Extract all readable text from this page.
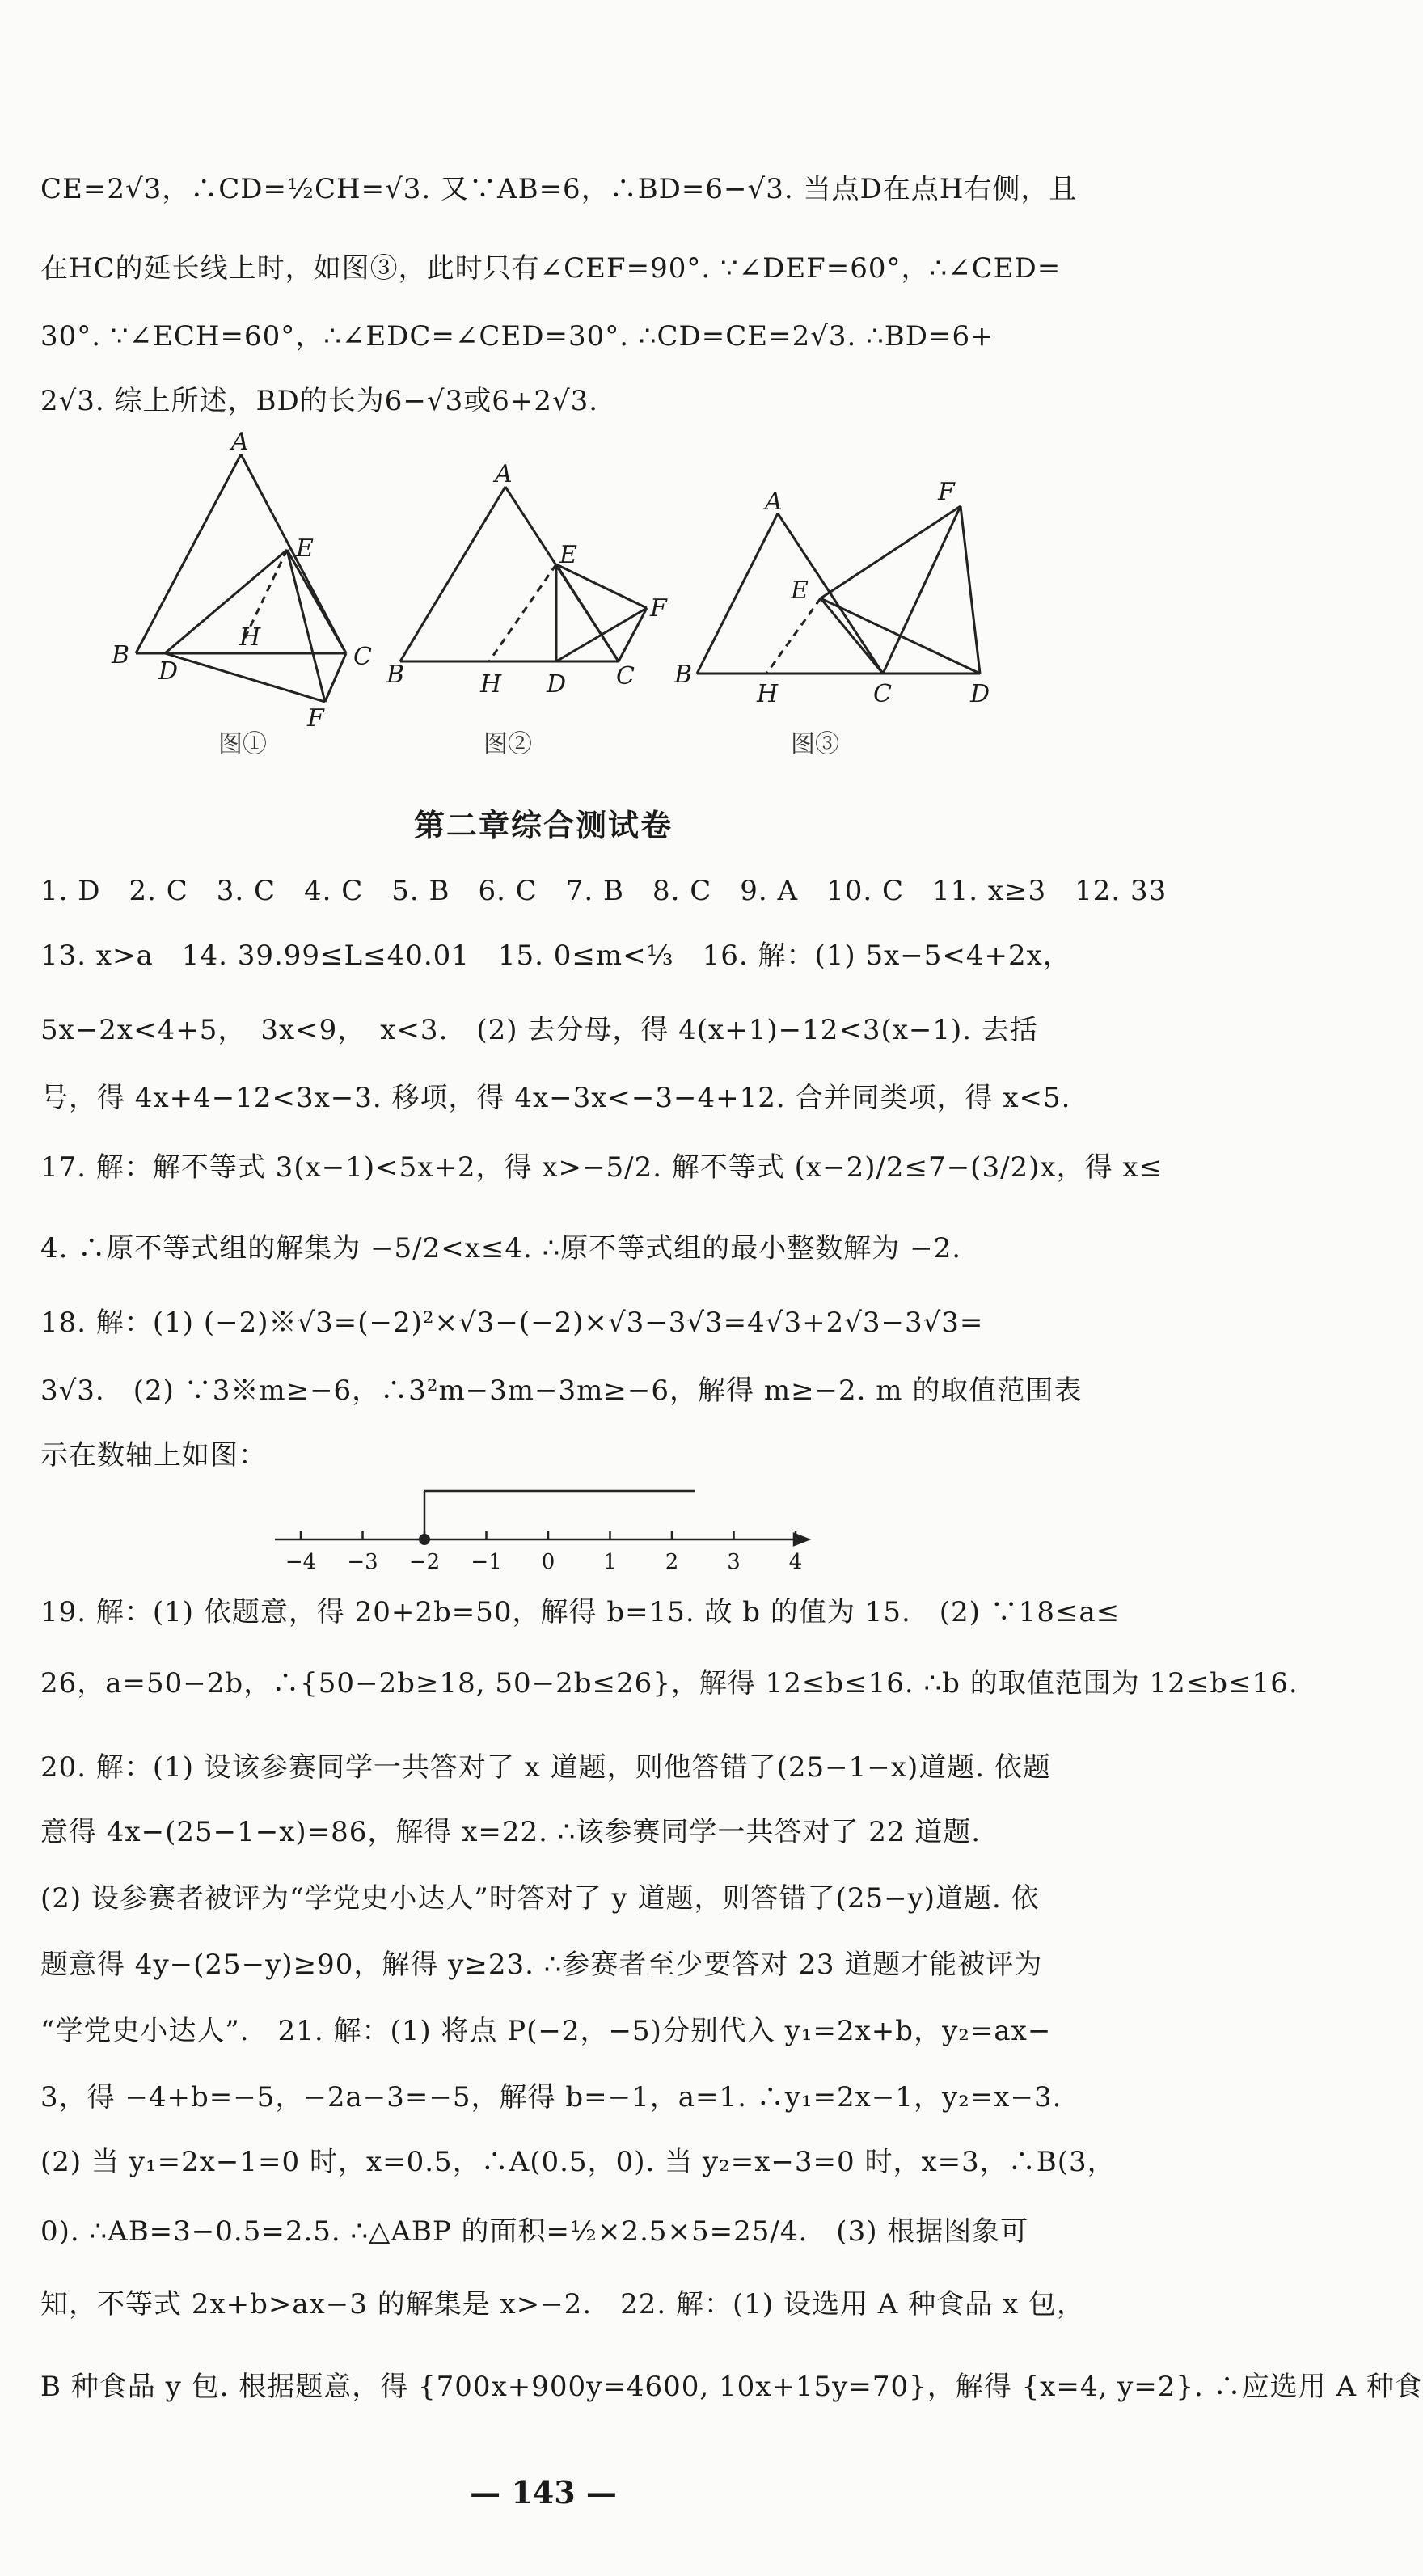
CE=2√3，∴CD=½CH=√3. 又∵AB=6，∴BD=6−√3. 当点D在点H右侧，且
在HC的延长线上时，如图③，此时只有∠CEF=90°. ∵∠DEF=60°，∴∠CED=
30°. ∵∠ECH=60°，∴∠EDC=∠CED=30°. ∴CD=CE=2√3. ∴BD=6+
2√3. 综上所述，BD的长为6−√3或6+2√3.
A
B	C
D
E
F
H
A
B	C
D
E
F
H
A
B
C	D
E
F
H
图①	图②	图③
第二章综合测试卷
1. D　2. C　3. C　4. C　5. B　6. C　7. B　8. C　9. A　10. C　11. x≥3　12. 33
13. x>a　14. 39.99≤L≤40.01　15. 0≤m<⅓　16. 解：(1) 5x−5<4+2x，
5x−2x<4+5，　3x<9，　x<3.　(2) 去分母，得 4(x+1)−12<3(x−1). 去括
号，得 4x+4−12<3x−3. 移项，得 4x−3x<−3−4+12. 合并同类项，得 x<5.
17. 解：解不等式 3(x−1)<5x+2，得 x>−5/2. 解不等式 (x−2)/2≤7−(3/2)x，得 x≤
4. ∴原不等式组的解集为 −5/2<x≤4. ∴原不等式组的最小整数解为 −2.
18. 解：(1) (−2)※√3=(−2)²×√3−(−2)×√3−3√3=4√3+2√3−3√3=
3√3.　(2) ∵3※m≥−6，∴3²m−3m−3m≥−6，解得 m≥−2. m 的取值范围表
示在数轴上如图：
−4 −3 −2 −1 0 1 2 3 4
19. 解：(1) 依题意，得 20+2b=50，解得 b=15. 故 b 的值为 15.　(2) ∵18≤a≤
26，a=50−2b，∴{50−2b≥18, 50−2b≤26}，解得 12≤b≤16. ∴b 的取值范围为 12≤b≤16.
20. 解：(1) 设该参赛同学一共答对了 x 道题，则他答错了(25−1−x)道题. 依题
意得 4x−(25−1−x)=86，解得 x=22. ∴该参赛同学一共答对了 22 道题.
(2) 设参赛者被评为“学党史小达人”时答对了 y 道题，则答错了(25−y)道题. 依
题意得 4y−(25−y)≥90，解得 y≥23. ∴参赛者至少要答对 23 道题才能被评为
“学党史小达人”.　21. 解：(1) 将点 P(−2，−5)分别代入 y₁=2x+b，y₂=ax−
3，得 −4+b=−5，−2a−3=−5，解得 b=−1，a=1. ∴y₁=2x−1，y₂=x−3.
(2) 当 y₁=2x−1=0 时，x=0.5，∴A(0.5，0). 当 y₂=x−3=0 时，x=3，∴B(3，
0). ∴AB=3−0.5=2.5. ∴△ABP 的面积=½×2.5×5=25/4.　(3) 根据图象可
知，不等式 2x+b>ax−3 的解集是 x>−2.　22. 解：(1) 设选用 A 种食品 x 包，
B 种食品 y 包. 根据题意，得 {700x+900y=4600, 10x+15y=70}，解得 {x=4, y=2}. ∴应选用 A 种食
— 143 —
